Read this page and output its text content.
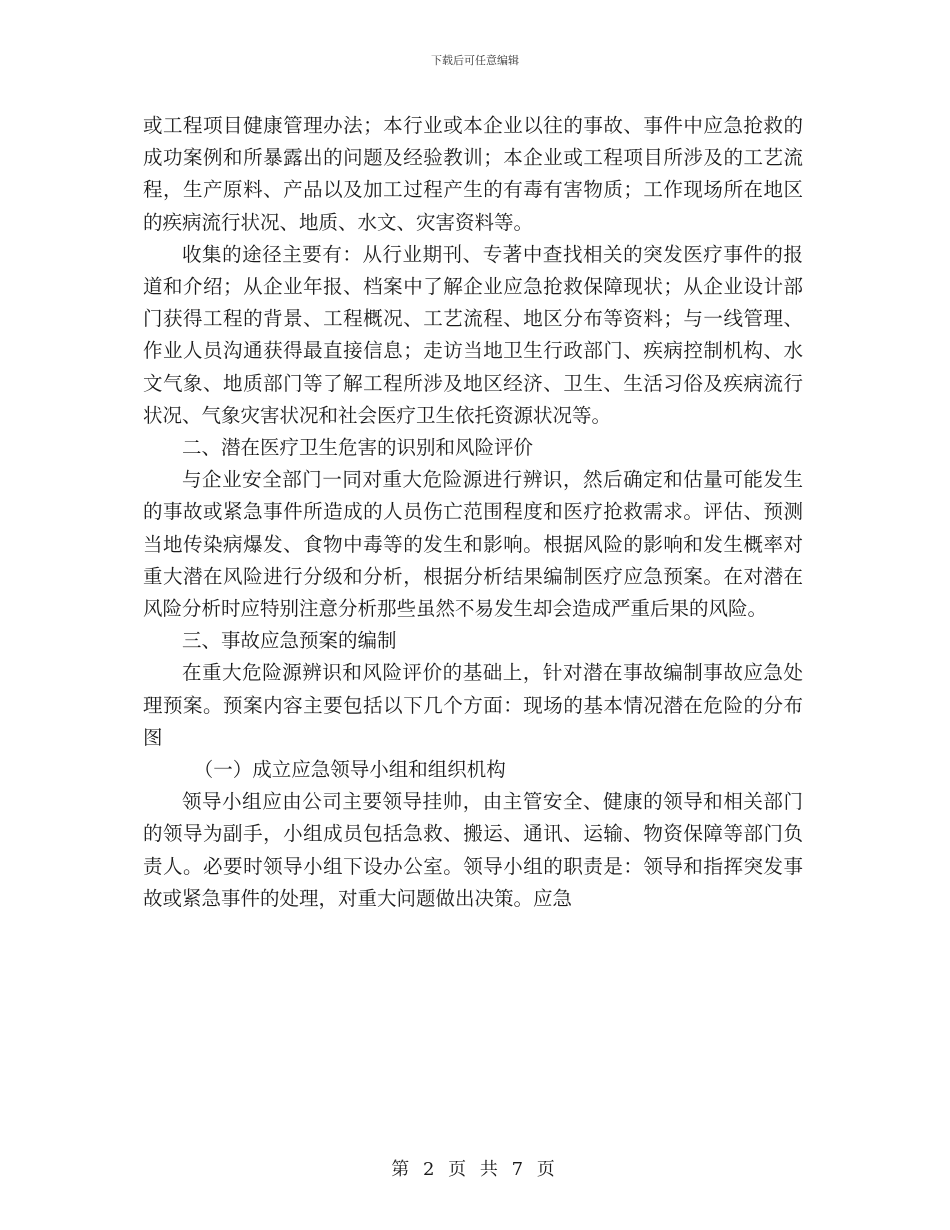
下载后可任意编辑

或工程项目健康管理办法；本行业或本企业以往的事故、事件中应急抢救的成功案例和所暴露出的问题及经验教训；本企业或工程项目所涉及的工艺流程，生产原料、产品以及加工过程产生的有毒有害物质；工作现场所在地区的疾病流行状况、地质、水文、灾害资料等。

收集的途径主要有：从行业期刊、专著中查找相关的突发医疗事件的报道和介绍；从企业年报、档案中了解企业应急抢救保障现状；从企业设计部门获得工程的背景、工程概况、工艺流程、地区分布等资料；与一线管理、作业人员沟通获得最直接信息；走访当地卫生行政部门、疾病控制机构、水文气象、地质部门等了解工程所涉及地区经济、卫生、生活习俗及疾病流行状况、气象灾害状况和社会医疗卫生依托资源状况等。

二、潜在医疗卫生危害的识别和风险评价

与企业安全部门一同对重大危险源进行辨识，然后确定和估量可能发生的事故或紧急事件所造成的人员伤亡范围程度和医疗抢救需求。评估、预测当地传染病爆发、食物中毒等的发生和影响。根据风险的影响和发生概率对重大潜在风险进行分级和分析，根据分析结果编制医疗应急预案。在对潜在风险分析时应特别注意分析那些虽然不易发生却会造成严重后果的风险。

三、事故应急预案的编制

在重大危险源辨识和风险评价的基础上，针对潜在事故编制事故应急处理预案。预案内容主要包括以下几个方面：现场的基本情况潜在危险的分布图

（一）成立应急领导小组和组织机构

领导小组应由公司主要领导挂帅，由主管安全、健康的领导和相关部门的领导为副手，小组成员包括急救、搬运、通讯、运输、物资保障等部门负责人。必要时领导小组下设办公室。领导小组的职责是：领导和指挥突发事故或紧急事件的处理，对重大问题做出决策。应急

第 2 页 共 7 页
